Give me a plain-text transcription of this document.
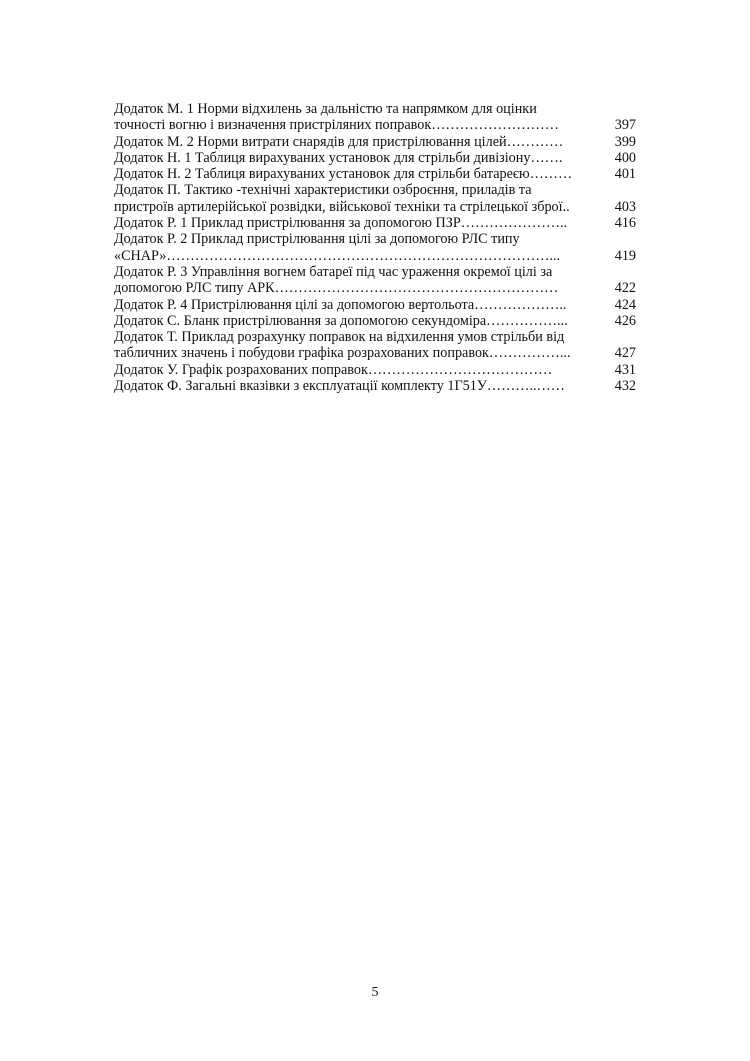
Додаток М. 1 Норми відхилень за дальністю та напрямком для оцінки
точності вогню і визначення пристріляних поправок………………………	397
Додаток М. 2 Норми витрати снарядів для пристрілювання цілей…………	399
Додаток Н. 1 Таблиця вирахуваних установок для стрільби дивізіону…….	400
Додаток Н. 2 Таблиця вирахуваних установок для стрільби батареєю………	401
Додаток П. Тактико -технічні характеристики озброєння, приладів та
пристроїв артилерійської розвідки, військової техніки та стрілецької зброї..	403
Додаток Р. 1 Приклад пристрілювання за допомогою ПЗР…………………..	416
Додаток Р. 2 Приклад пристрілювання цілі за допомогою РЛС типу
«СНАР»………………………………………………………………………...	419
Додаток Р. 3 Управління вогнем батареї під час ураження окремої цілі за
допомогою РЛС типу АРК……………………………………………………	422
Додаток Р. 4 Пристрілювання цілі за допомогою вертольота………………..	424
Додаток С. Бланк пристрілювання за допомогою секундоміра……………...	426
Додаток Т. Приклад розрахунку поправок на відхилення умов стрільби від
табличних значень і побудови графіка розрахованих поправок……………...	427
Додаток У. Графік розрахованих поправок…………………………………	431
Додаток Ф. Загальні вказівки з експлуатації комплекту 1Г51У………..……	432
5
